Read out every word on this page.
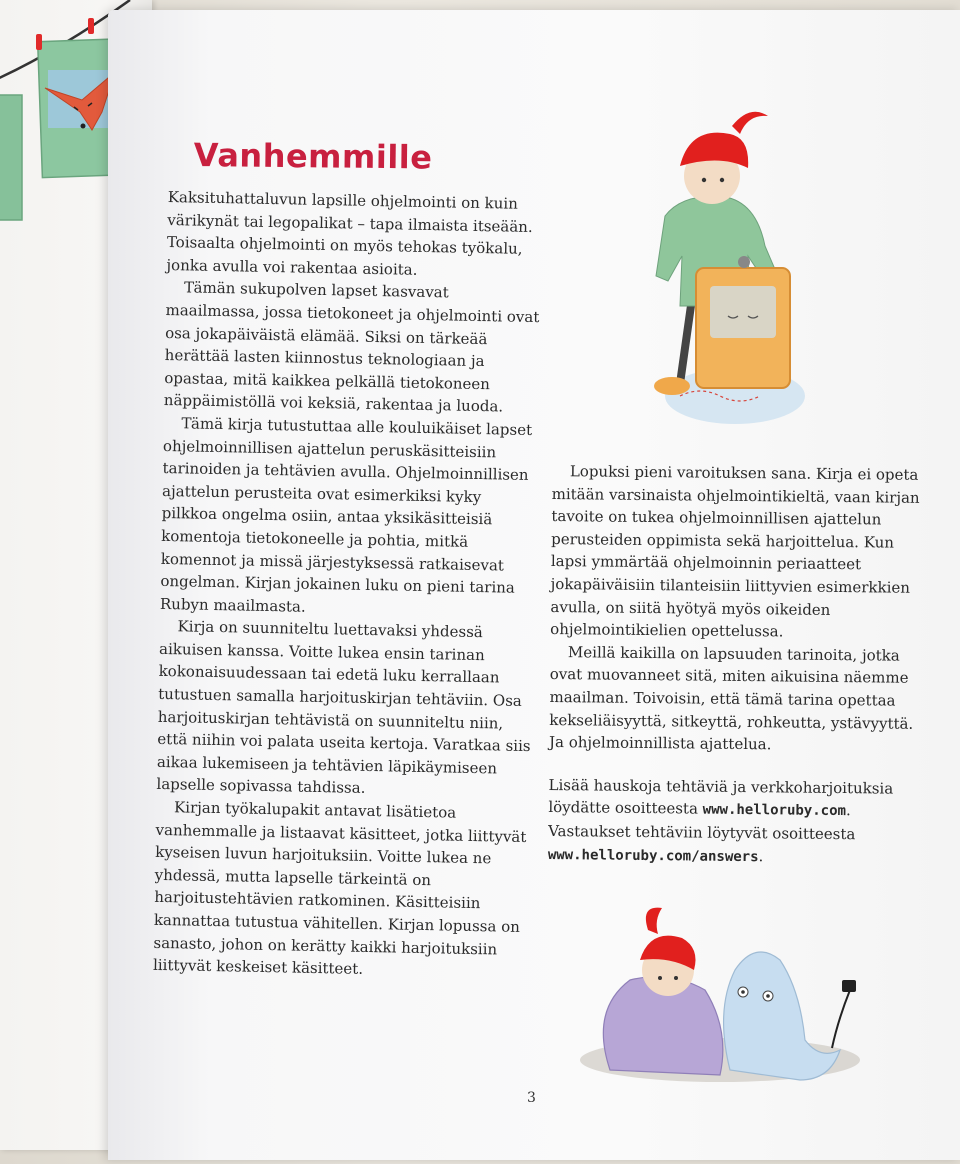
Vanhemmille

Kaksituhattaluvun lapsille ohjelmointi on kuin värikynät tai legopalikat – tapa ilmaista itseään. Toisaalta ohjelmointi on myös tehokas työkalu, jonka avulla voi rakentaa asioita.

Tämän sukupolven lapset kasvavat maailmassa, jossa tietokoneet ja ohjelmointi ovat osa jokapäiväistä elämää. Siksi on tärkeää herättää lasten kiinnostus teknologiaan ja opastaa, mitä kaikkea pelkällä tietokoneen näppäimistöllä voi keksiä, rakentaa ja luoda.

Tämä kirja tutustuttaa alle kouluikäiset lapset ohjelmoinnillisen ajattelun peruskäsitteisiin tarinoiden ja tehtävien avulla. Ohjelmoinnillisen ajattelun perusteita ovat esimerkiksi kyky pilkkoa ongelma osiin, antaa yksikäsitteisiä komentoja tietokoneelle ja pohtia, mitkä komennot ja missä järjestyksessä ratkaisevat ongelman. Kirjan jokainen luku on pieni tarina Rubyn maailmasta.

Kirja on suunniteltu luettavaksi yhdessä aikuisen kanssa. Voitte lukea ensin tarinan kokonaisuudessaan tai edetä luku kerrallaan tutustuen samalla harjoituskirjan tehtäviin. Osa harjoituskirjan tehtävistä on suunniteltu niin, että niihin voi palata useita kertoja. Varatkaa siis aikaa lukemiseen ja tehtävien läpikäymiseen lapselle sopivassa tahdissa.

Kirjan työkalupakit antavat lisätietoa vanhemmalle ja listaavat käsitteet, jotka liittyvät kyseisen luvun harjoituksiin. Voitte lukea ne yhdessä, mutta lapselle tärkeintä on harjoitustehtävien ratkominen. Käsitteisiin kannattaa tutustua vähitellen. Kirjan lopussa on sanasto, johon on kerätty kaikki harjoituksiin liittyvät keskeiset käsitteet.

Lopuksi pieni varoituksen sana. Kirja ei opeta mitään varsinaista ohjelmointikieltä, vaan kirjan tavoite on tukea ohjelmoinnillisen ajattelun perusteiden oppimista sekä harjoittelua. Kun lapsi ymmärtää ohjelmoinnin periaatteet jokapäiväisiin tilanteisiin liittyvien esimerkkien avulla, on siitä hyötyä myös oikeiden ohjelmointikielien opettelussa.

Meillä kaikilla on lapsuuden tarinoita, jotka ovat muovanneet sitä, miten aikuisina näemme maailman. Toivoisin, että tämä tarina opettaa kekseliäisyyttä, sitkeyttä, rohkeutta, ystävyyttä. Ja ohjelmoinnillista ajattelua.

Lisää hauskoja tehtäviä ja verkkoharjoituksia löydätte osoitteesta www.helloruby.com. Vastaukset tehtäviin löytyvät osoitteesta www.helloruby.com/answers.

3
